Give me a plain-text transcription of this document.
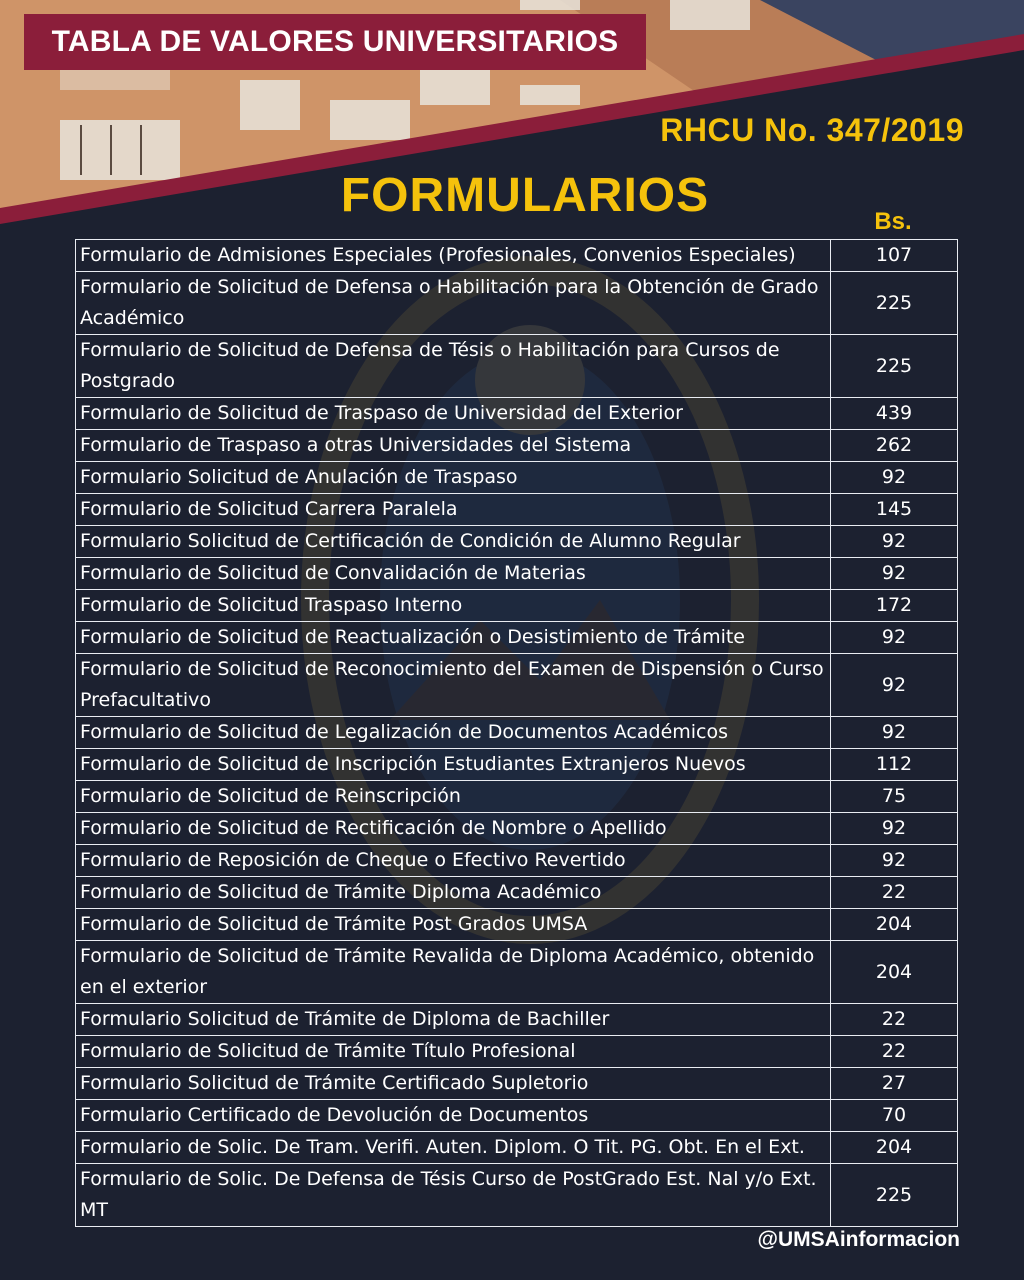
TABLA DE VALORES UNIVERSITARIOS
RHCU No. 347/2019
FORMULARIOS	Bs.
Formulario de Admisiones Especiales (Profesionales, Convenios Especiales)	107
Formulario de Solicitud de Defensa o Habilitación para la Obtención de Grado Académico	225
Formulario de Solicitud de Defensa de Tésis o Habilitación para Cursos de Postgrado	225
Formulario de Solicitud de Traspaso de Universidad del Exterior	439
Formulario de Traspaso a otras Universidades del Sistema	262
Formulario Solicitud de Anulación de Traspaso	92
Formulario de Solicitud Carrera Paralela	145
Formulario Solicitud de Certificación de Condición de Alumno Regular	92
Formulario de Solicitud de Convalidación de Materias	92
Formulario de Solicitud Traspaso Interno	172
Formulario de Solicitud de Reactualización o Desistimiento de Trámite	92
Formulario de Solicitud de Reconocimiento del Examen de Dispensión o Curso Prefacultativo	92
Formulario de Solicitud de Legalización de Documentos Académicos	92
Formulario de Solicitud de Inscripción Estudiantes Extranjeros Nuevos	112
Formulario de Solicitud de Reinscripción	75
Formulario de Solicitud de Rectificación de Nombre o Apellido	92
Formulario de Reposición de Cheque o Efectivo Revertido	92
Formulario de Solicitud de Trámite Diploma Académico	22
Formulario de Solicitud de Trámite Post Grados UMSA	204
Formulario de Solicitud de Trámite Revalida de Diploma Académico, obtenido en el exterior	204
Formulario Solicitud de Trámite de Diploma de Bachiller	22
Formulario de Solicitud de Trámite Título Profesional	22
Formulario Solicitud de Trámite Certificado Supletorio	27
Formulario Certificado de Devolución de Documentos	70
Formulario de Solic. De Tram. Verifi. Auten. Diplom. O Tit. PG. Obt. En el Ext.	204
Formulario de Solic. De Defensa de Tésis Curso de PostGrado Est. Nal y/o Ext. MT	225
@UMSAinformacion
